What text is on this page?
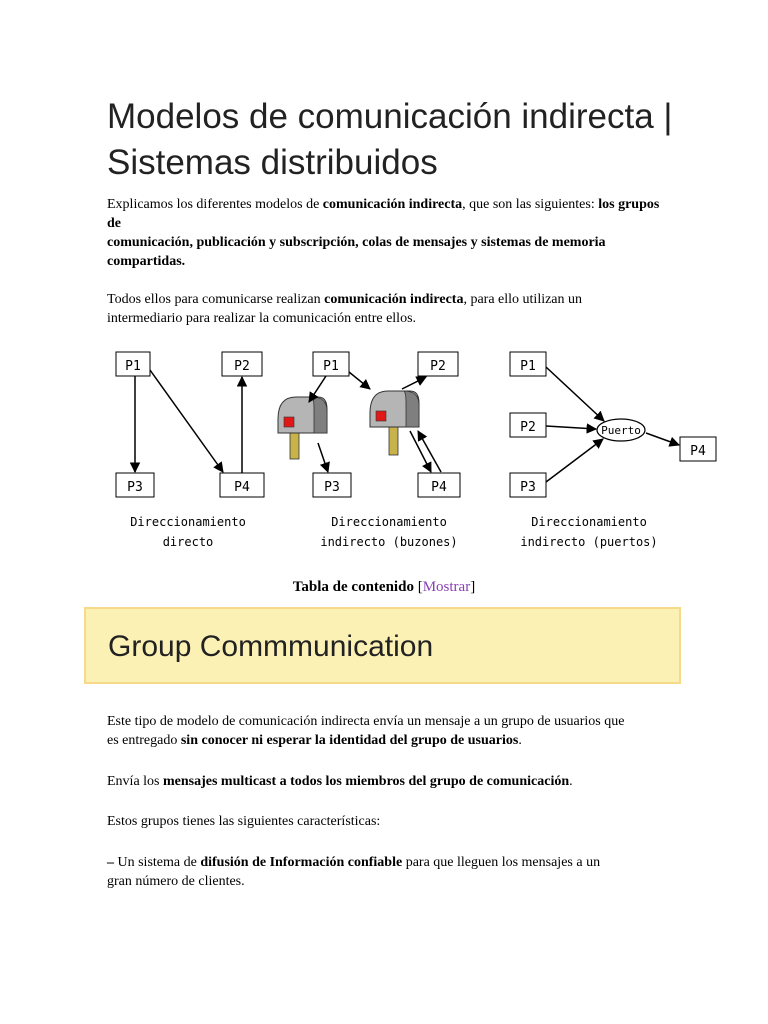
Modelos de comunicación indirecta | Sistemas distribuidos

Explicamos los diferentes modelos de comunicación indirecta, que son las siguientes: los grupos de
comunicación, publicación y subscripción, colas de mensajes y sistemas de memoria compartidas.

Todos ellos para comunicarse realizan comunicación indirecta, para ello utilizan un intermediario para realizar la comunicación entre ellos.

P1	P2
P3	P4
Direccionamiento
directo
P1	P2
P3	P4
Direccionamiento
indirecto (buzones)
P1
P2
P3
Puerto
P4
Direccionamiento
indirecto (puertos)
Tabla de contenido [Mostrar]
Group Commmunication

Este tipo de modelo de comunicación indirecta envía un mensaje a un grupo de usuarios que es entregado sin conocer ni esperar la identidad del grupo de usuarios.

Envía los mensajes multicast a todos los miembros del grupo de comunicación.

Estos grupos tienes las siguientes características:

– Un sistema de difusión de Información confiable para que lleguen los mensajes a un gran número de clientes.
